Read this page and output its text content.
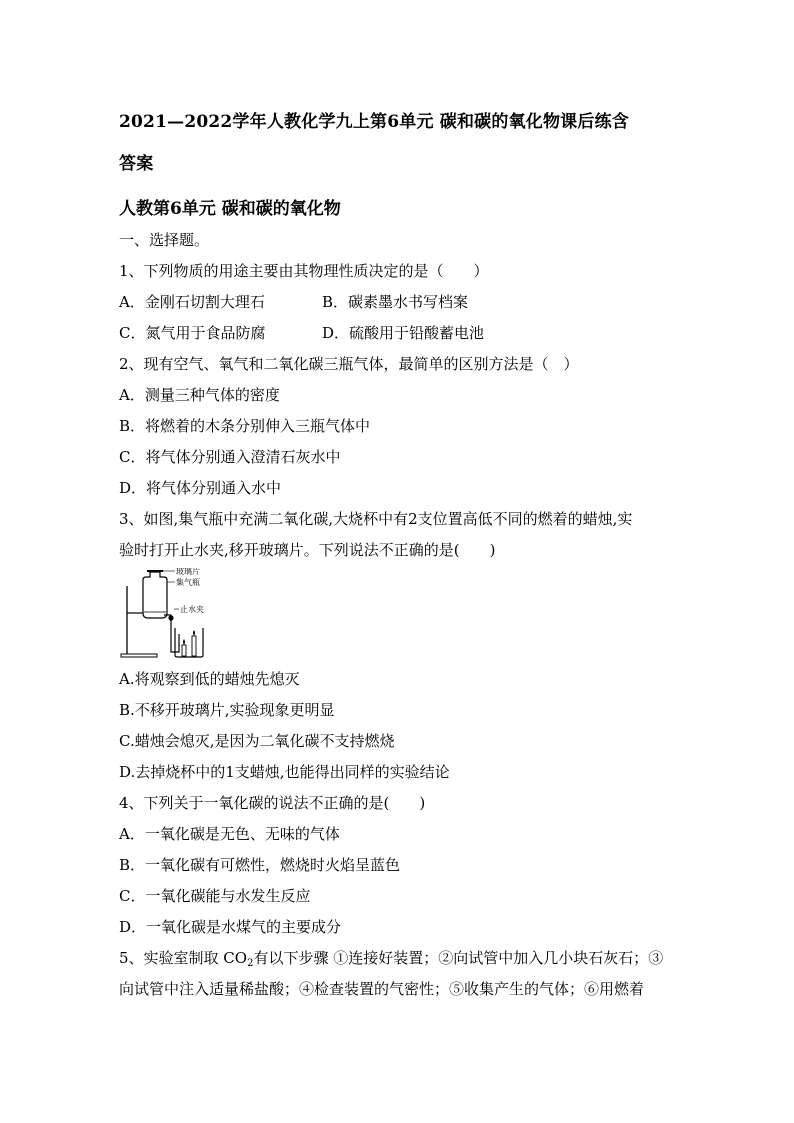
2021—2022学年人教化学九上第6单元 碳和碳的氧化物课后练含
答案
人教第6单元 碳和碳的氧化物
一、选择题。
1、下列物质的用途主要由其物理性质决定的是（　　）
A．金刚石切割大理石	B．碳素墨水书写档案
C．氮气用于食品防腐	D．硫酸用于铅酸蓄电池
2、现有空气、氧气和二氧化碳三瓶气体，最简单的区别方法是（　）
A．测量三种气体的密度
B．将燃着的木条分别伸入三瓶气体中
C．将气体分别通入澄清石灰水中
D．将气体分别通入水中
3、如图,集气瓶中充满二氧化碳,大烧杯中有2支位置高低不同的燃着的蜡烛,实
验时打开止水夹,移开玻璃片。下列说法不正确的是(　　)
玻璃片
集气瓶
止水夹
A.将观察到低的蜡烛先熄灭
B.不移开玻璃片,实验现象更明显
C.蜡烛会熄灭,是因为二氧化碳不支持燃烧
D.去掉烧杯中的1支蜡烛,也能得出同样的实验结论
4、下列关于一氧化碳的说法不正确的是(　　)
A．一氧化碳是无色、无味的气体
B．一氧化碳有可燃性，燃烧时火焰呈蓝色
C．一氧化碳能与水发生反应
D．一氧化碳是水煤气的主要成分
5、实验室制取 $CO_2$有以下步骤 ①连接好装置；②向试管中加入几小块石灰石；③
向试管中注入适量稀盐酸；④检查装置的气密性；⑤收集产生的气体；⑥用燃着
